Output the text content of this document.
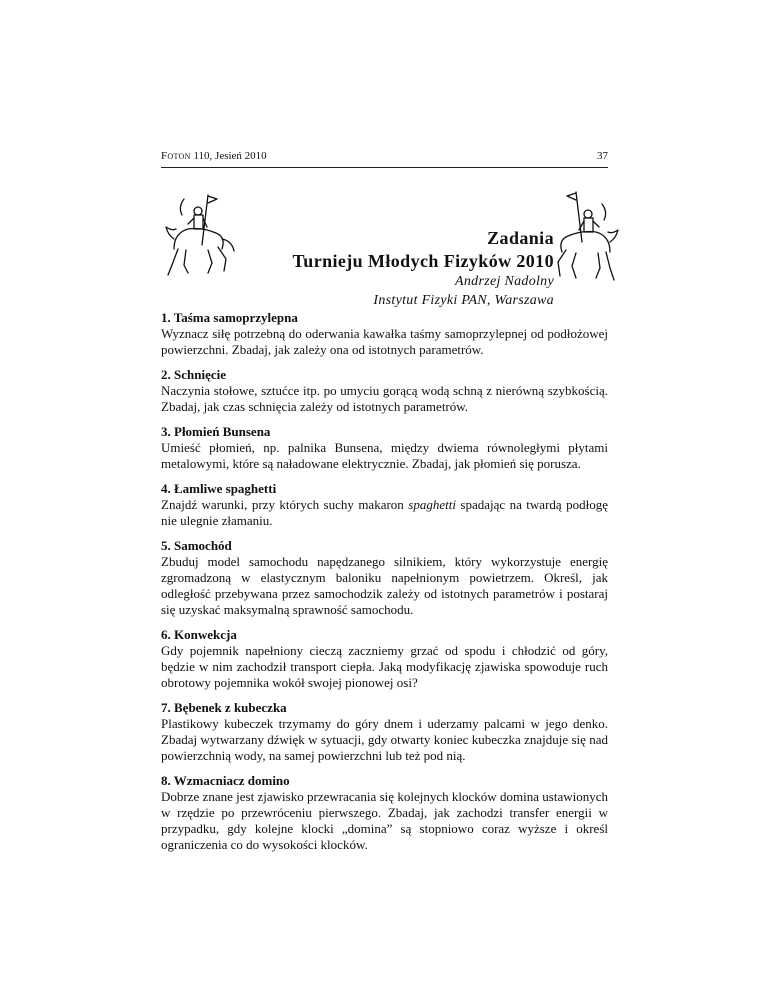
Foton 110, Jesień 2010	37
Zadania
Turnieju Młodych Fizyków 2010
Andrzej Nadolny
Instytut Fizyki PAN, Warszawa
1. Taśma samoprzylepna

Wyznacz siłę potrzebną do oderwania kawałka taśmy samoprzylepnej od podłożowej powierzchni. Zbadaj, jak zależy ona od istotnych parametrów.

2. Schnięcie

Naczynia stołowe, sztućce itp. po umyciu gorącą wodą schną z nierówną szybkością. Zbadaj, jak czas schnięcia zależy od istotnych parametrów.

3. Płomień Bunsena

Umieść płomień, np. palnika Bunsena, między dwiema równoległymi płytami metalowymi, które są naładowane elektrycznie. Zbadaj, jak płomień się porusza.

4. Łamliwe spaghetti

Znajdź warunki, przy których suchy makaron spaghetti spadając na twardą podłogę nie ulegnie złamaniu.

5. Samochód

Zbuduj model samochodu napędzanego silnikiem, który wykorzystuje energię zgromadzoną w elastycznym baloniku napełnionym powietrzem. Określ, jak odległość przebywana przez samochodzik zależy od istotnych parametrów i postaraj się uzyskać maksymalną sprawność samochodu.

6. Konwekcja

Gdy pojemnik napełniony cieczą zaczniemy grzać od spodu i chłodzić od góry, będzie w nim zachodził transport ciepła. Jaką modyfikację zjawiska spowoduje ruch obrotowy pojemnika wokół swojej pionowej osi?

7. Bębenek z kubeczka

Plastikowy kubeczek trzymamy do góry dnem i uderzamy palcami w jego denko. Zbadaj wytwarzany dźwięk w sytuacji, gdy otwarty koniec kubeczka znajduje się nad powierzchnią wody, na samej powierzchni lub też pod nią.

8. Wzmacniacz domino

Dobrze znane jest zjawisko przewracania się kolejnych klocków domina ustawionych w rzędzie po przewróceniu pierwszego. Zbadaj, jak zachodzi transfer energii w przypadku, gdy kolejne klocki „domina” są stopniowo coraz wyższe i określ ograniczenia co do wysokości klocków.
